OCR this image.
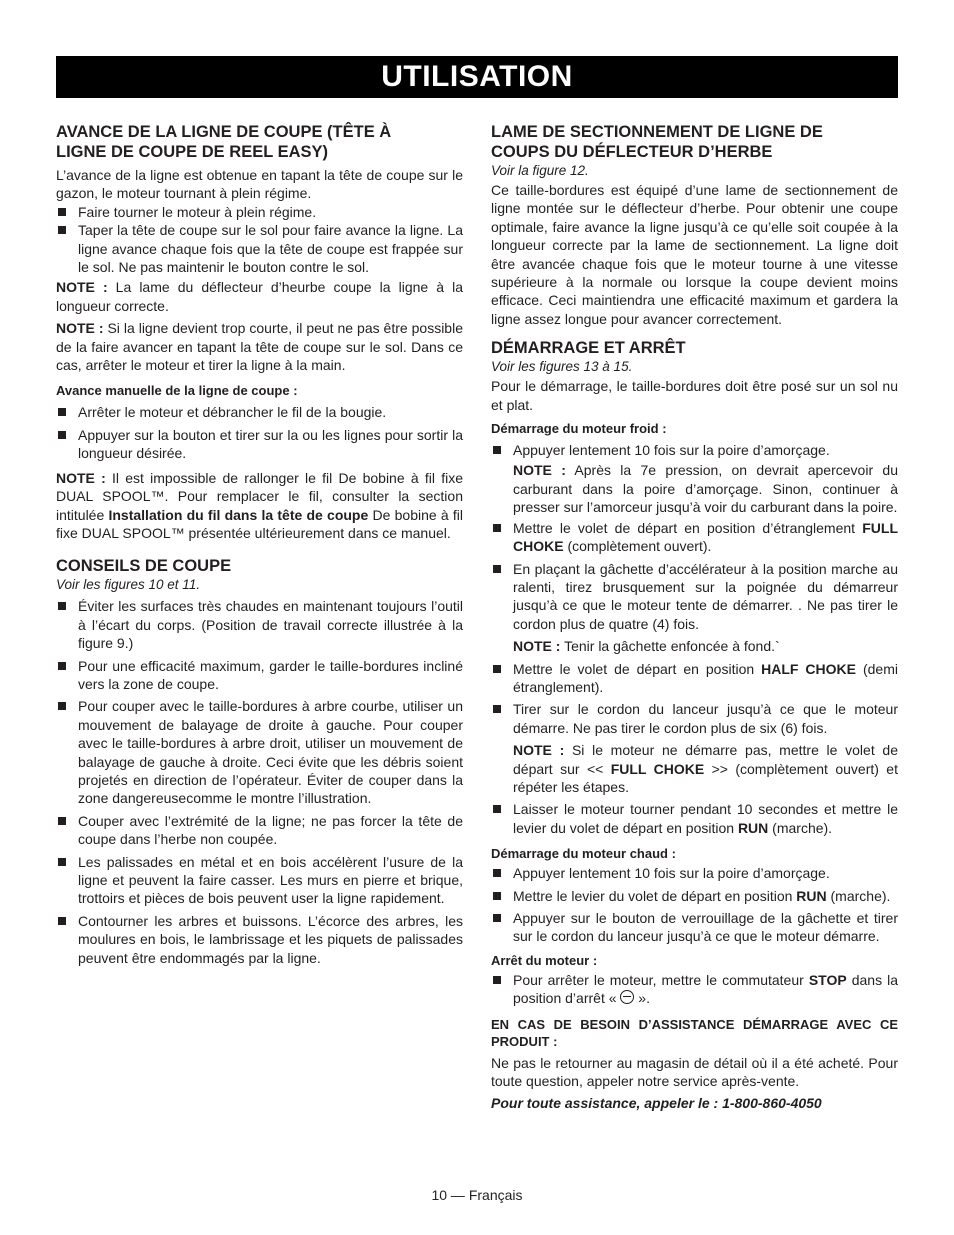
UTILISATION
AVANCE DE LA LIGNE DE COUPE (TÊTE À
LIGNE DE COUPE DE REEL EASY)

L’avance de la ligne est obtenue en tapant la tête de coupe sur le gazon, le moteur tournant à plein régime.

Faire tourner le moteur à plein régime.
Taper la tête de coupe sur le sol pour faire avance la ligne. La ligne avance chaque fois que la tête de coupe est frappée sur le sol. Ne pas maintenir le bouton contre le sol.

NOTE : La lame du déflecteur d’heurbe coupe la ligne à la longueur correcte.

NOTE : Si la ligne devient trop courte, il peut ne pas être possible de la faire avancer en tapant la tête de coupe sur le sol. Dans ce cas, arrêter le moteur et tirer la ligne à la main.

Avance manuelle de la ligne de coupe :

Arrêter le moteur et débrancher le fil de la bougie.
Appuyer sur la bouton et tirer sur la ou les lignes pour sortir la longueur désirée.

NOTE : Il est impossible de rallonger le fil De bobine à fil fixe DUAL SPOOL™. Pour remplacer le fil, consulter la section intitulée Installation du fil dans la tête de coupe De bobine à fil fixe DUAL SPOOL™ présentée ultérieurement dans ce manuel.

CONSEILS DE COUPE

Voir les figures 10 et 11.

Éviter les surfaces très chaudes en maintenant toujours l’outil à l’écart du corps. (Position de travail correcte illustrée à la figure 9.)
Pour une efficacité maximum, garder le taille-bordures incliné vers la zone de coupe.
Pour couper avec le taille-bordures à arbre courbe, utiliser un mouvement de balayage de droite à gauche. Pour couper avec le taille-bordures à arbre droit, utiliser un mouvement de balayage de gauche à droite. Ceci évite que les débris soient projetés en direction de l’opérateur. Éviter de couper dans la zone dangereusecomme le montre l’illustration.
Couper avec l’extrémité de la ligne; ne pas forcer la tête de coupe dans l’herbe non coupée.
Les palissades en métal et en bois accélèrent l’usure de la ligne et peuvent la faire casser. Les murs en pierre et brique, trottoirs et pièces de bois peuvent user la ligne rapidement.
Contourner les arbres et buissons. L’écorce des arbres, les moulures en bois, le lambrissage et les piquets de palissades peuvent être endommagés par la ligne.
LAME DE SECTIONNEMENT DE LIGNE DE
COUPS DU DÉFLECTEUR D’HERBE

Voir la figure 12.

Ce taille-bordures est équipé d’une lame de sectionnement de ligne montée sur le déflecteur d’herbe. Pour obtenir une coupe optimale, faire avance la ligne jusqu’à ce qu’elle soit coupée à la longueur correcte par la lame de sectionnement. La ligne doit être avancée chaque fois que le moteur tourne à une vitesse supérieure à la normale ou lorsque la coupe devient moins efficace. Ceci maintiendra une efficacité maximum et gardera la ligne assez longue pour avancer correctement.

DÉMARRAGE ET ARRÊT

Voir les figures 13 à 15.

Pour le démarrage, le taille-bordures doit être posé sur un sol nu et plat.

Démarrage du moteur froid :

Appuyer lentement 10 fois sur la poire d’amorçage.

NOTE : Après la 7e pression, on devrait apercevoir du carburant dans la poire d’amorçage. Sinon, continuer à presser sur l’amorceur jusqu’à voir du carburant dans la poire.

Mettre le volet de départ en position d’étranglement FULL CHOKE (complètement ouvert).
En plaçant la gâchette d’accélérateur à la position marche au ralenti, tirez brusquement sur la poignée du démarreur jusqu’à ce que le moteur tente de démarrer. . Ne pas tirer le cordon plus de quatre (4) fois.

NOTE : Tenir la gâchette enfoncée à fond.`

Mettre le volet de départ en position HALF CHOKE (demi étranglement).
Tirer sur le cordon du lanceur jusqu’à ce que le moteur démarre. Ne pas tirer le cordon plus de six (6) fois.

NOTE : Si le moteur ne démarre pas, mettre le volet de départ sur << FULL CHOKE >> (complètement ouvert) et répéter les étapes.

Laisser le moteur tourner pendant 10 secondes et mettre le levier du volet de départ en position RUN (marche).

Démarrage du moteur chaud :

Appuyer lentement 10 fois sur la poire d’amorçage.
Mettre le levier du volet de départ en position RUN (marche).
Appuyer sur le bouton de verrouillage de la gâchette et tirer sur le cordon du lanceur jusqu’à ce que le moteur démarre.

Arrêt du moteur :

Pour arrêter le moteur, mettre le commutateur STOP dans la position d’arrêt «  ».

EN CAS DE BESOIN D’ASSISTANCE DÉMARRAGE AVEC CE PRODUIT :

Ne pas le retourner au magasin de détail où il a été acheté. Pour toute question, appeler notre service après-vente.

Pour toute assistance, appeler le : 1-800-860-4050

10 — Français
